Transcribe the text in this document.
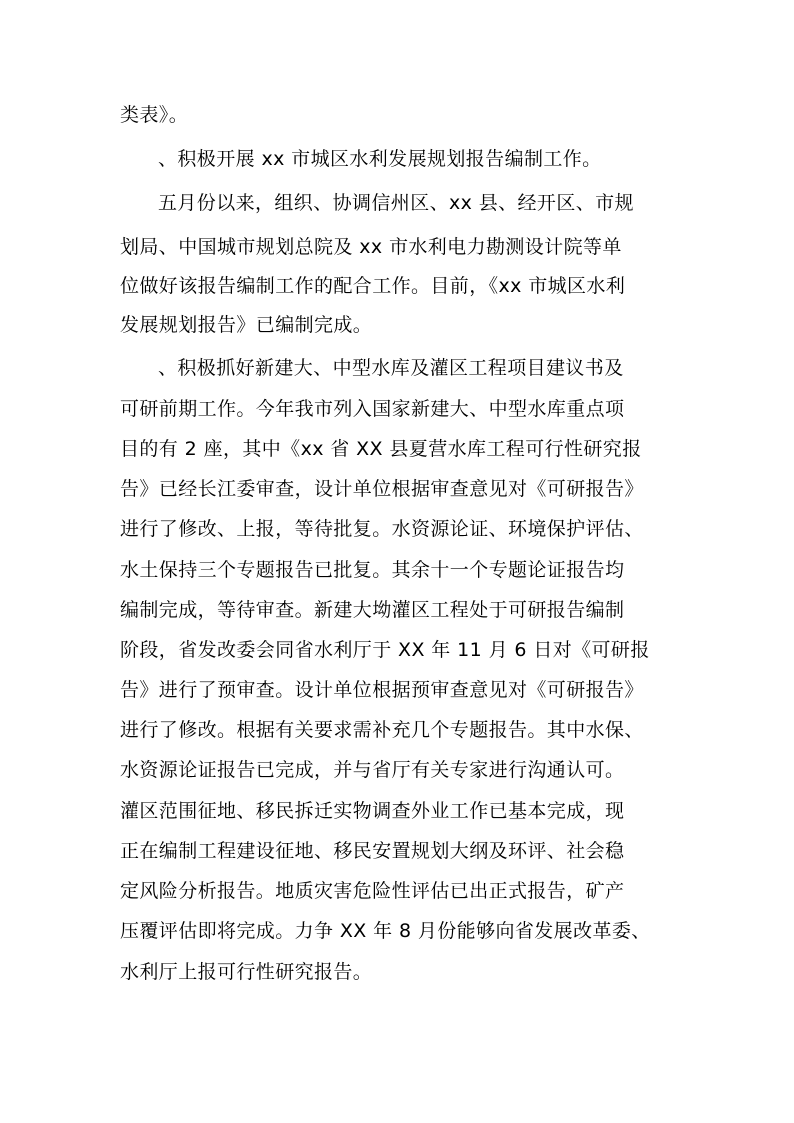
类表》。
、积极开展 xx 市城区水利发展规划报告编制工作。
五月份以来，组织、协调信州区、xx 县、经开区、市规
划局、中国城市规划总院及 xx 市水利电力勘测设计院等单
位做好该报告编制工作的配合工作。目前，《xx 市城区水利
发展规划报告》已编制完成。
、积极抓好新建大、中型水库及灌区工程项目建议书及
可研前期工作。今年我市列入国家新建大、中型水库重点项
目的有 2 座，其中《xx 省 XX 县夏营水库工程可行性研究报
告》已经长江委审查，设计单位根据审查意见对《可研报告》
进行了修改、上报，等待批复。水资源论证、环境保护评估、
水土保持三个专题报告已批复。其余十一个专题论证报告均
编制完成，等待审查。新建大坳灌区工程处于可研报告编制
阶段，省发改委会同省水利厅于 XX 年 11 月 6 日对《可研报
告》进行了预审查。设计单位根据预审查意见对《可研报告》
进行了修改。根据有关要求需补充几个专题报告。其中水保、
水资源论证报告已完成，并与省厅有关专家进行沟通认可。
灌区范围征地、移民拆迁实物调查外业工作已基本完成，现
正在编制工程建设征地、移民安置规划大纲及环评、社会稳
定风险分析报告。地质灾害危险性评估已出正式报告，矿产
压覆评估即将完成。力争 XX 年 8 月份能够向省发展改革委、
水利厅上报可行性研究报告。
